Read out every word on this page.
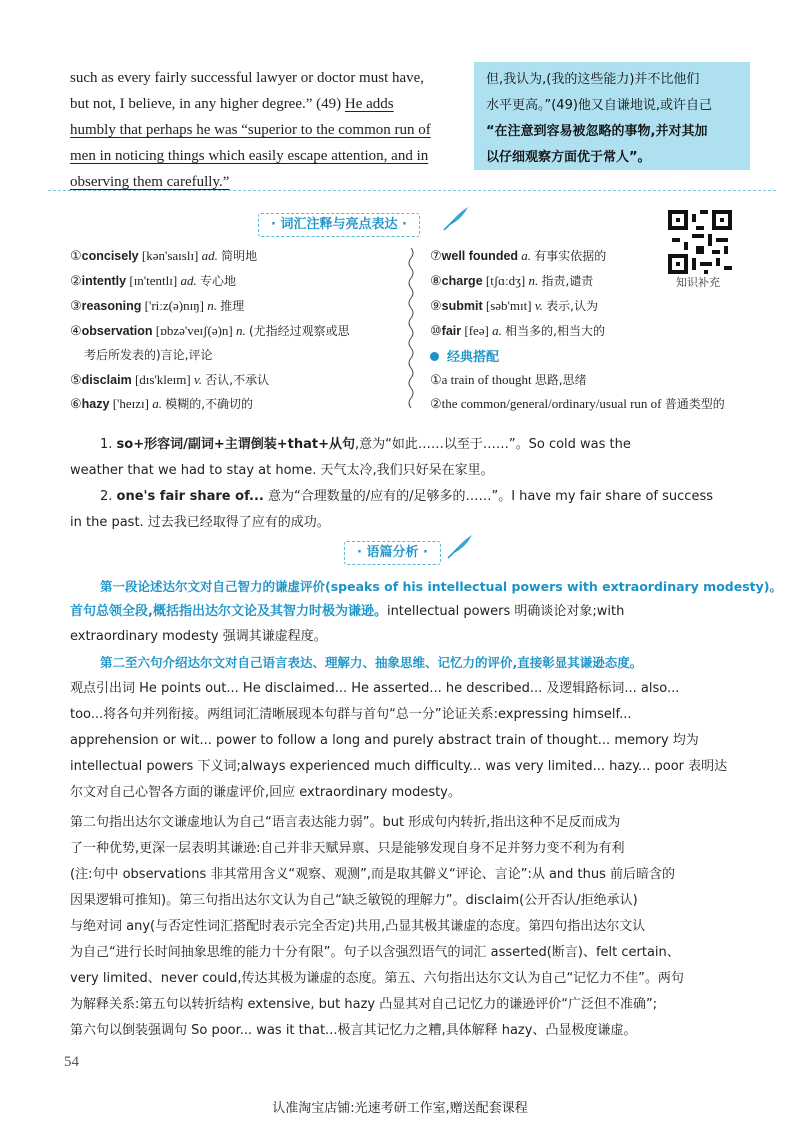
such as every fairly successful lawyer or doctor must have,
but not, I believe, in any higher degree.” (49) He adds
humbly that perhaps he was “superior to the common run of
men in noticing things which easily escape attention, and in
observing them carefully.”
但,我认为,(我的这些能力)并不比他们
水平更高。”(49)他又自谦地说,或许自己
“在注意到容易被忽略的事物,并对其加
以仔细观察方面优于常人”。
· 词汇注释与亮点表达 ·
知识补充
①concisely [kən'saɪslɪ] ad. 简明地
②intently [ɪn'tentlɪ] ad. 专心地
③reasoning ['riːz(ə)nɪŋ] n. 推理
④observation [ɒbzə'veɪʃ(ə)n] n. (尤指经过观察或思
考后所发表的)言论,评论
⑤disclaim [dɪs'kleɪm] v. 否认,不承认
⑥hazy ['heɪzɪ] a. 模糊的,不确切的
⑦well founded a. 有事实依据的
⑧charge [tʃɑːdʒ] n. 指责,谴责
⑨submit [səb'mɪt] v. 表示,认为
⑩fair [feə] a. 相当多的,相当大的
经典搭配
①a train of thought 思路,思绪
②the common/general/ordinary/usual run of 普通类型的
1. so+形容词/副词+主谓倒装+that+从句,意为“如此……以至于……”。So cold was the
weather that we had to stay at home. 天气太冷,我们只好呆在家里。
2. one's fair share of... 意为“合理数量的/应有的/足够多的……”。I have my fair share of success
in the past. 过去我已经取得了应有的成功。
· 语篇分析 ·
第一段论述达尔文对自己智力的谦虚评价(speaks of his intellectual powers with extraordinary modesty)。
首句总领全段,概括指出达尔文论及其智力时极为谦逊。intellectual powers 明确谈论对象;with
extraordinary modesty 强调其谦虚程度。
第二至六句介绍达尔文对自己语言表达、理解力、抽象思维、记忆力的评价,直接彰显其谦逊态度。
观点引出词 He points out... He disclaimed... He asserted... he described... 及逻辑路标词... also...
too...将各句并列衔接。两组词汇清晰展现本句群与首句“总一分”论证关系:expressing himself...
apprehension or wit... power to follow a long and purely abstract train of thought... memory 均为
intellectual powers 下义词;always experienced much difficulty... was very limited... hazy... poor 表明达
尔文对自己心智各方面的谦虚评价,回应 extraordinary modesty。
第二句指出达尔文谦虚地认为自己“语言表达能力弱”。but 形成句内转折,指出这种不足反而成为
了一种优势,更深一层表明其谦逊:自己并非天赋异禀、只是能够发现自身不足并努力变不利为有利
(注:句中 observations 非其常用含义“观察、观测”,而是取其僻义“评论、言论”:从 and thus 前后暗含的
因果逻辑可推知)。第三句指出达尔文认为自己“缺乏敏锐的理解力”。disclaim(公开否认/拒绝承认)
与绝对词 any(与否定性词汇搭配时表示完全否定)共用,凸显其极其谦虚的态度。第四句指出达尔文认
为自己“进行长时间抽象思维的能力十分有限”。句子以含强烈语气的词汇 asserted(断言)、felt certain、
very limited、never could,传达其极为谦虚的态度。第五、六句指出达尔文认为自己“记忆力不佳”。两句
为解释关系:第五句以转折结构 extensive, but hazy 凸显其对自己记忆力的谦逊评价“广泛但不准确”;
第六句以倒装强调句 So poor... was it that...极言其记忆力之糟,具体解释 hazy、凸显极度谦虚。
54
认准淘宝店铺:光速考研工作室,赠送配套课程
